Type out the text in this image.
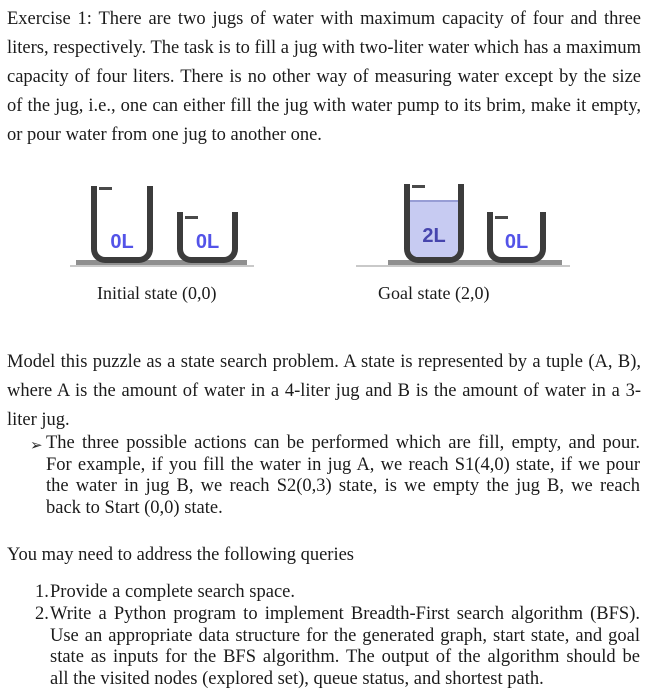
Exercise 1: There are two jugs of water with maximum capacity of four and three
liters, respectively. The task is to fill a jug with two-liter water which has a maximum
capacity of four liters. There is no other way of measuring water except by the size
of the jug, i.e., one can either fill the jug with water pump to its brim, make it empty,
or pour water from one jug to another one.
0L	0L
Initial state (0,0)
2L	0L
Goal state (2,0)
Model this puzzle as a state search problem. A state is represented by a tuple (A, B),
where A is the amount of water in a 4-liter jug and B is the amount of water in a 3-
liter jug.
➢ The three possible actions can be performed which are fill, empty, and pour.
For example, if you fill the water in jug A, we reach S1(4,0) state, if we pour
the water in jug B, we reach S2(0,3) state, is we empty the jug B, we reach
back to Start (0,0) state.
You may need to address the following queries
1. Provide a complete search space.
2. Write a Python program to implement Breadth-First search algorithm (BFS).
Use an appropriate data structure for the generated graph, start state, and goal
state as inputs for the BFS algorithm. The output of the algorithm should be
all the visited nodes (explored set), queue status, and shortest path.
